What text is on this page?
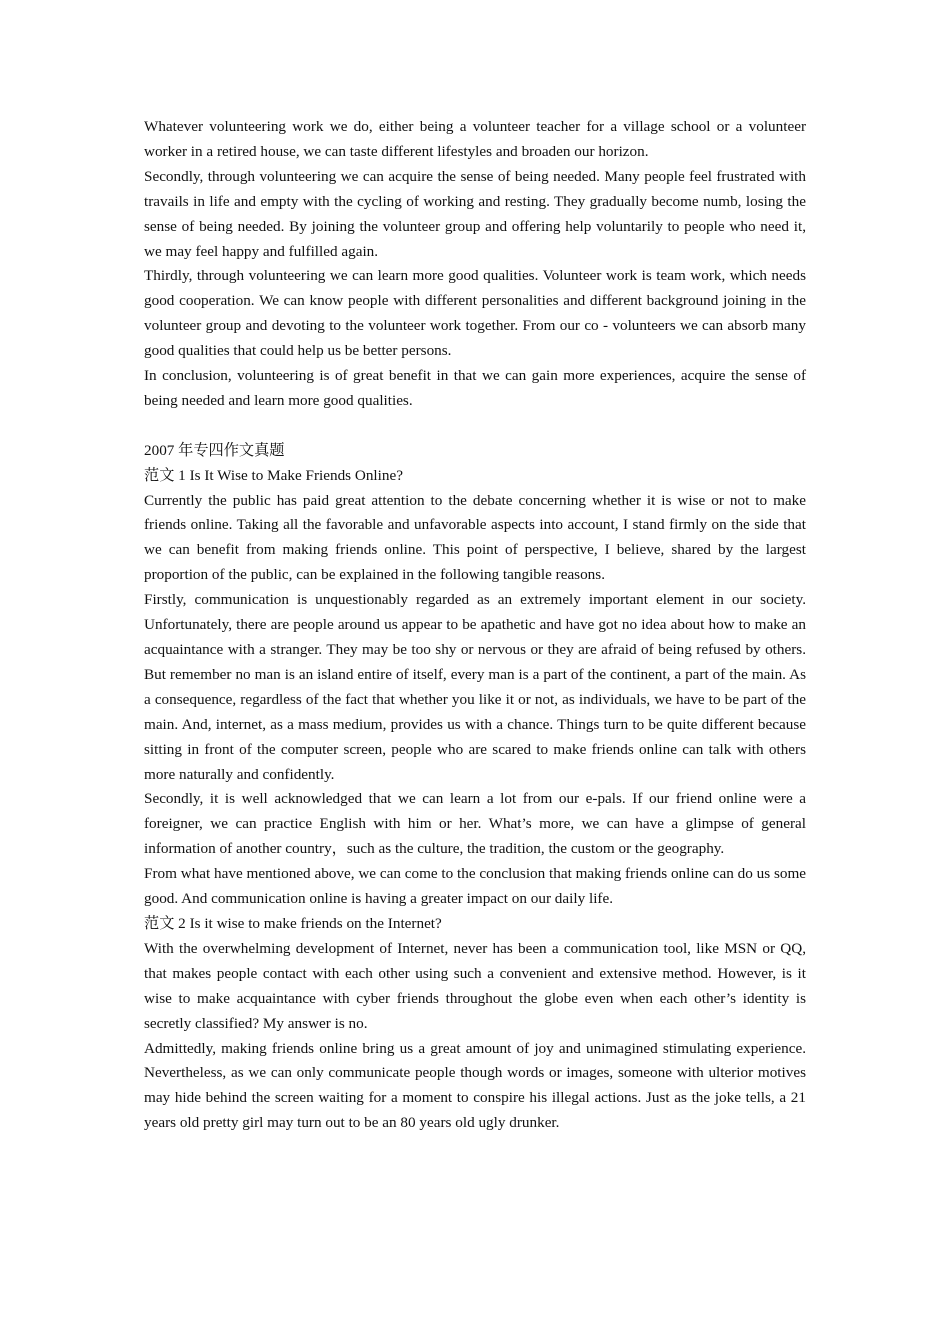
Whatever volunteering work we do, either being a volunteer teacher for a village school or a volunteer worker in a retired house, we can taste different lifestyles and broaden our horizon.

Secondly, through volunteering we can acquire the sense of being needed. Many people feel frustrated with travails in life and empty with the cycling of working and resting. They gradually become numb, losing the sense of being needed. By joining the volunteer group and offering help voluntarily to people who need it, we may feel happy and fulfilled again.

Thirdly, through volunteering we can learn more good qualities. Volunteer work is team work, which needs good cooperation. We can know people with different personalities and different background joining in the volunteer group and devoting to the volunteer work together. From our co - volunteers we can absorb many good qualities that could help us be better persons.

In conclusion, volunteering is of great benefit in that we can gain more experiences, acquire the sense of being needed and learn more good qualities.

2007 年专四作文真题

范文 1 Is It Wise to Make Friends Online?

Currently the public has paid great attention to the debate concerning whether it is wise or not to make friends online. Taking all the favorable and unfavorable aspects into account, I stand firmly on the side that we can benefit from making friends online. This point of perspective, I believe, shared by the largest proportion of the public, can be explained in the following tangible reasons.

Firstly, communication is unquestionably regarded as an extremely important element in our society. Unfortunately, there are people around us appear to be apathetic and have got no idea about how to make an acquaintance with a stranger. They may be too shy or nervous or they are afraid of being refused by others. But remember no man is an island entire of itself, every man is a part of the continent, a part of the main. As a consequence, regardless of the fact that whether you like it or not, as individuals, we have to be part of the main. And, internet, as a mass medium, provides us with a chance. Things turn to be quite different because sitting in front of the computer screen, people who are scared to make friends online can talk with others more naturally and confidently.

Secondly, it is well acknowledged that we can learn a lot from our e-pals. If our friend online were a foreigner, we can practice English with him or her. What’s more, we can have a glimpse of general information of another country，such as the culture, the tradition, the custom or the geography.

From what have mentioned above, we can come to the conclusion that making friends online can do us some good. And communication online is having a greater impact on our daily life.

范文 2 Is it wise to make friends on the Internet?

With the overwhelming development of Internet, never has been a communication tool, like MSN or QQ, that makes people contact with each other using such a convenient and extensive method. However, is it wise to make acquaintance with cyber friends throughout the globe even when each other’s identity is secretly classified? My answer is no.

Admittedly, making friends online bring us a great amount of joy and unimagined stimulating experience. Nevertheless, as we can only communicate people though words or images, someone with ulterior motives may hide behind the screen waiting for a moment to conspire his illegal actions. Just as the joke tells, a 21 years old pretty girl may turn out to be an 80 years old ugly drunker.
